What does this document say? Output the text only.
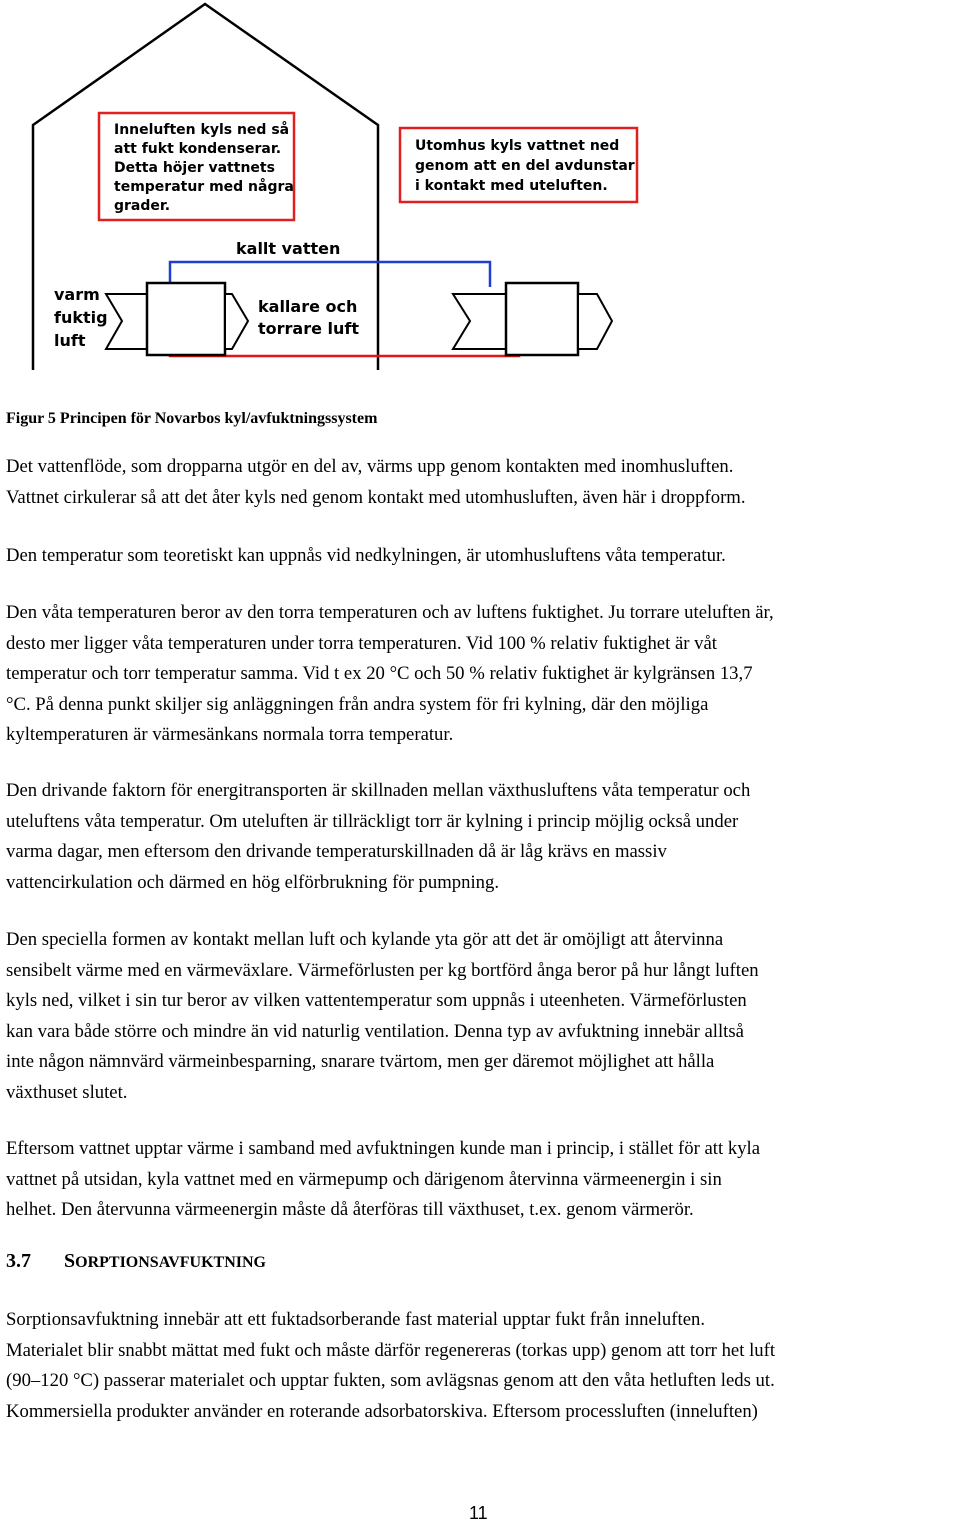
Inneluften kyls ned så att fukt kondenserar. Detta höjer vattnets temperatur med några grader.
Utomhus kyls vattnet ned genom att en del avdunstar i kontakt med uteluften.
kallt vatten
varm fuktig luft
kallare och torrare luft
Figur 5 Principen för Novarbos kyl/avfuktningssystem
Det vattenflöde, som dropparna utgör en del av, värms upp genom kontakten med inomhusluften.
Vattnet cirkulerar så att det åter kyls ned genom kontakt med utomhusluften, även här i droppform.
Den temperatur som teoretiskt kan uppnås vid nedkylningen, är utomhusluftens våta temperatur.
Den våta temperaturen beror av den torra temperaturen och av luftens fuktighet. Ju torrare uteluften är,
desto mer ligger våta temperaturen under torra temperaturen. Vid 100 % relativ fuktighet är våt
temperatur och torr temperatur samma. Vid t ex 20 °C och 50 % relativ fuktighet är kylgränsen 13,7
°C. På denna punkt skiljer sig anläggningen från andra system för fri kylning, där den möjliga
kyltemperaturen är värmesänkans normala torra temperatur.
Den drivande faktorn för energitransporten är skillnaden mellan växthusluftens våta temperatur och
uteluftens våta temperatur. Om uteluften är tillräckligt torr är kylning i princip möjlig också under
varma dagar, men eftersom den drivande temperaturskillnaden då är låg krävs en massiv
vattencirkulation och därmed en hög elförbrukning för pumpning.
Den speciella formen av kontakt mellan luft och kylande yta gör att det är omöjligt att återvinna
sensibelt värme med en värmeväxlare. Värmeförlusten per kg bortförd ånga beror på hur långt luften
kyls ned, vilket i sin tur beror av vilken vattentemperatur som uppnås i uteenheten. Värmeförlusten
kan vara både större och mindre än vid naturlig ventilation. Denna typ av avfuktning innebär alltså
inte någon nämnvärd värmeinbesparning, snarare tvärtom, men ger däremot möjlighet att hålla
växthuset slutet.
Eftersom vattnet upptar värme i samband med avfuktningen kunde man i princip, i stället för att kyla
vattnet på utsidan, kyla vattnet med en värmepump och därigenom återvinna värmeenergin i sin
helhet. Den återvunna värmeenergin måste då återföras till växthuset, t.ex. genom värmerör.
3.7 SORPTIONSAVFUKTNING
Sorptionsavfuktning innebär att ett fuktadsorberande fast material upptar fukt från inneluften.
Materialet blir snabbt mättat med fukt och måste därför regenereras (torkas upp) genom att torr het luft
(90–120 °C) passerar materialet och upptar fukten, som avlägsnas genom att den våta hetluften leds ut.
Kommersiella produkter använder en roterande adsorbatorskiva. Eftersom processluften (inneluften)
11
